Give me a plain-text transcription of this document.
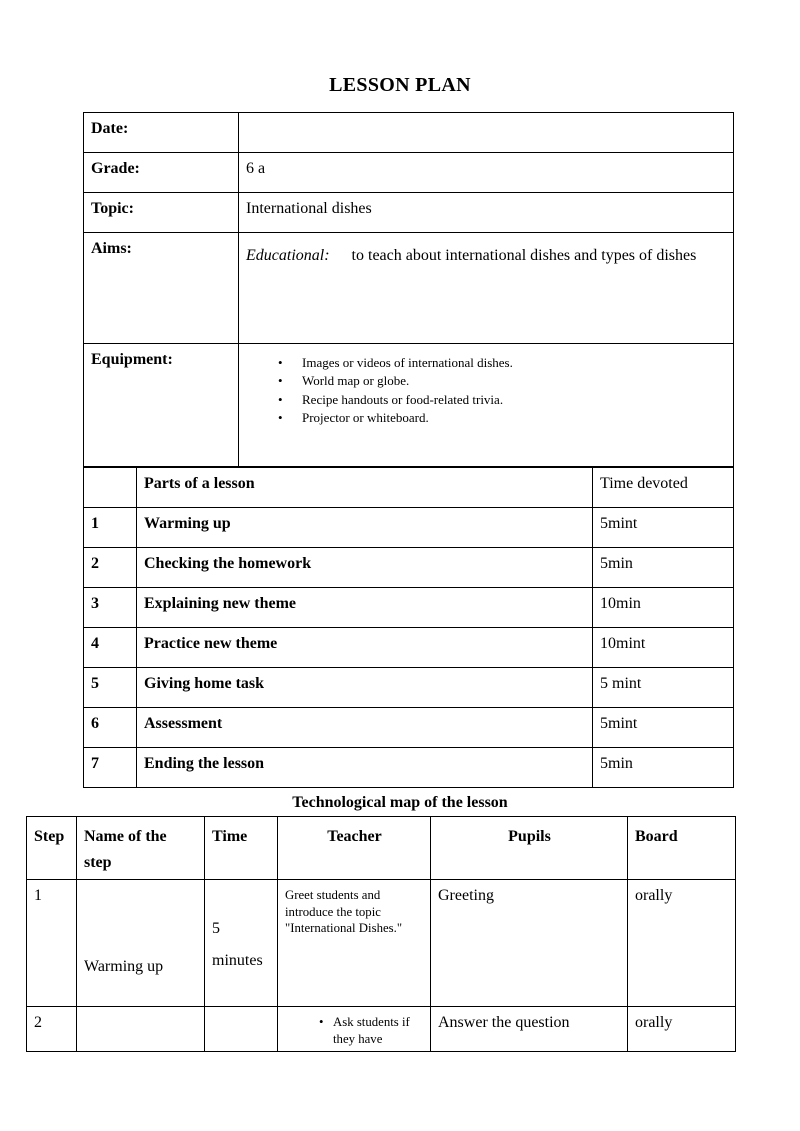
LESSON PLAN
Date:	
Grade:	6 a
Topic:	International dishes
Aims:	Educational: to teach about international dishes and types of dishes
Equipment:	
•Images or videos of international dishes.
• World map or globe.
• Recipe handouts or food-related trivia.
• Projector or whiteboard.
	Parts of a lesson	Time devoted
1	Warming up	5mint
2	Checking the homework	5min
3	Explaining new theme	10min
4	Practice new theme	10mint
5	Giving home task	5 mint
6	Assessment	5mint
7	Ending the lesson	5min
Technological map of the lesson
Step	Name of the step	Time	Teacher	Pupils	Board
1	Warming up	5 minutes	Greet students and introduce the topic "International Dishes."	Greeting	orally
2			• Ask students if they have	Answer the question	orally
